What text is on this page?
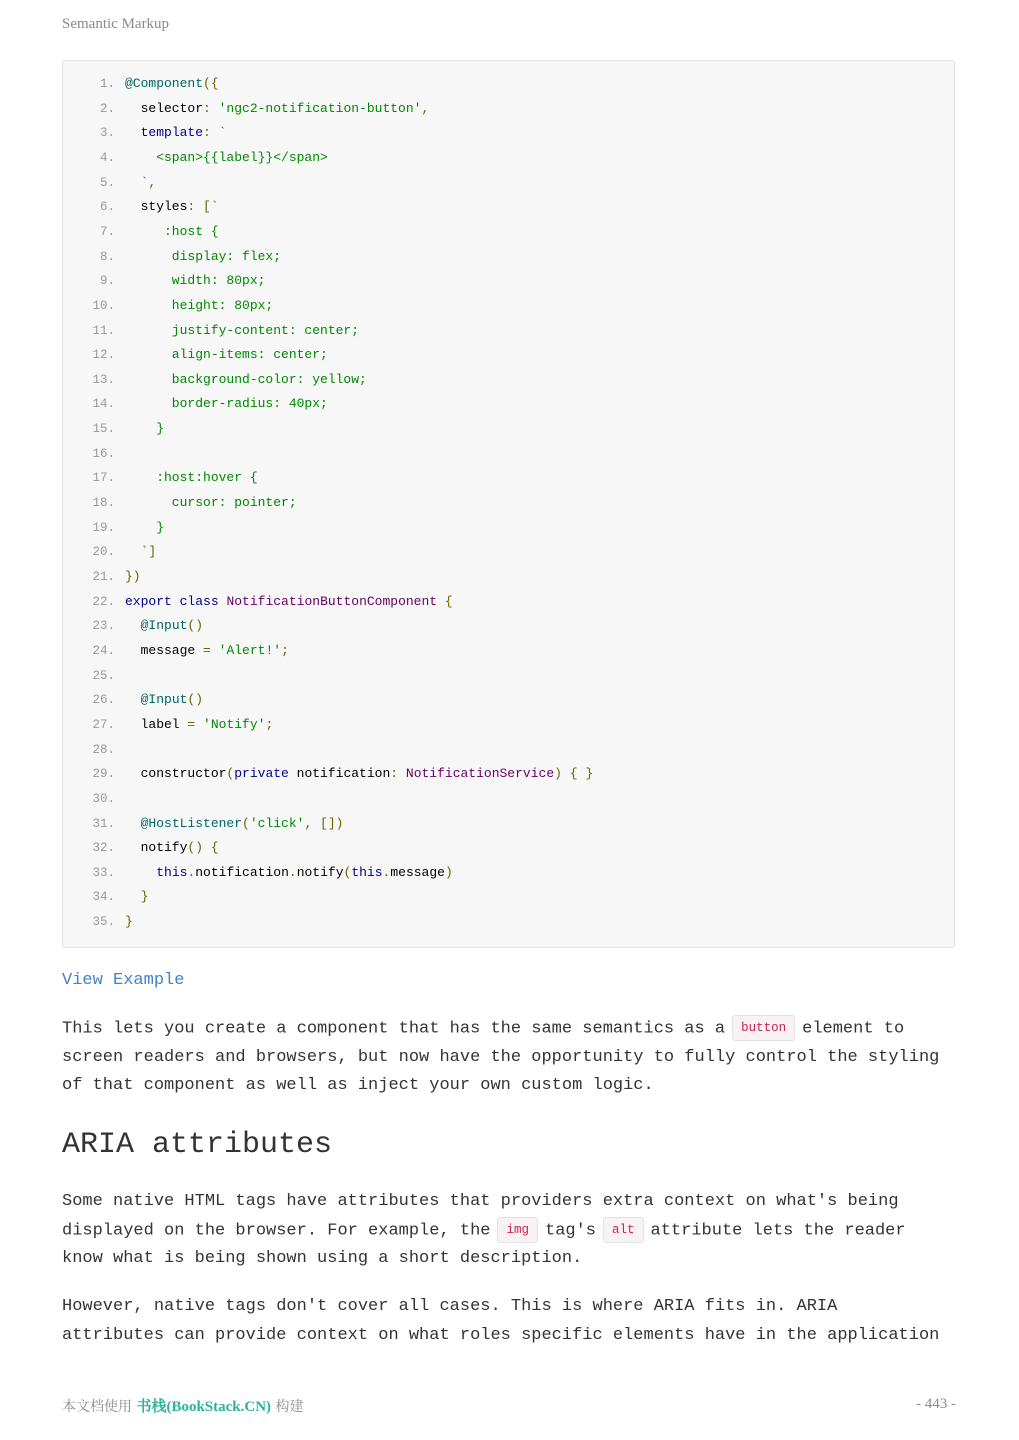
Semantic Markup
1. @Component({
2.  selector: 'ngc2-notification-button',
3. template: `
4.    <span>{{label}}</span>
5.  `,
6.  styles: [`
7.     :host {
8.      display: flex;
9.      width: 80px;
10.      height: 80px;
11.      justify-content: center;
12.      align-items: center;
13.      background-color: yellow;
14.      border-radius: 40px;
15.    }
16.
17.    :host:hover {
18.      cursor: pointer;
19.    }
20.  `]
21. })
22. export class NotificationButtonComponent {
23. @Input()
24.  message = 'Alert!';
25.
26. @Input()
27.  label = 'Notify';
28.
29.  constructor(private notification: NotificationService) { }
30.
31. @HostListener('click', [])
32.  notify() {
33.	this.notification.notify(this.message)
34. }
35. }
View Example
This lets you create a component that has the same semantics as a button element to
screen readers and browsers, but now have the opportunity to fully control the styling
of that component as well as inject your own custom logic.
ARIA attributes
Some native HTML tags have attributes that providers extra context on what's being
displayed on the browser. For example, the img tag's alt attribute lets the reader
know what is being shown using a short description.
However, native tags don't cover all cases. This is where ARIA fits in. ARIA
attributes can provide context on what roles specific elements have in the application
本文档使用 书栈(BookStack.CN) 构建	- 443 -
